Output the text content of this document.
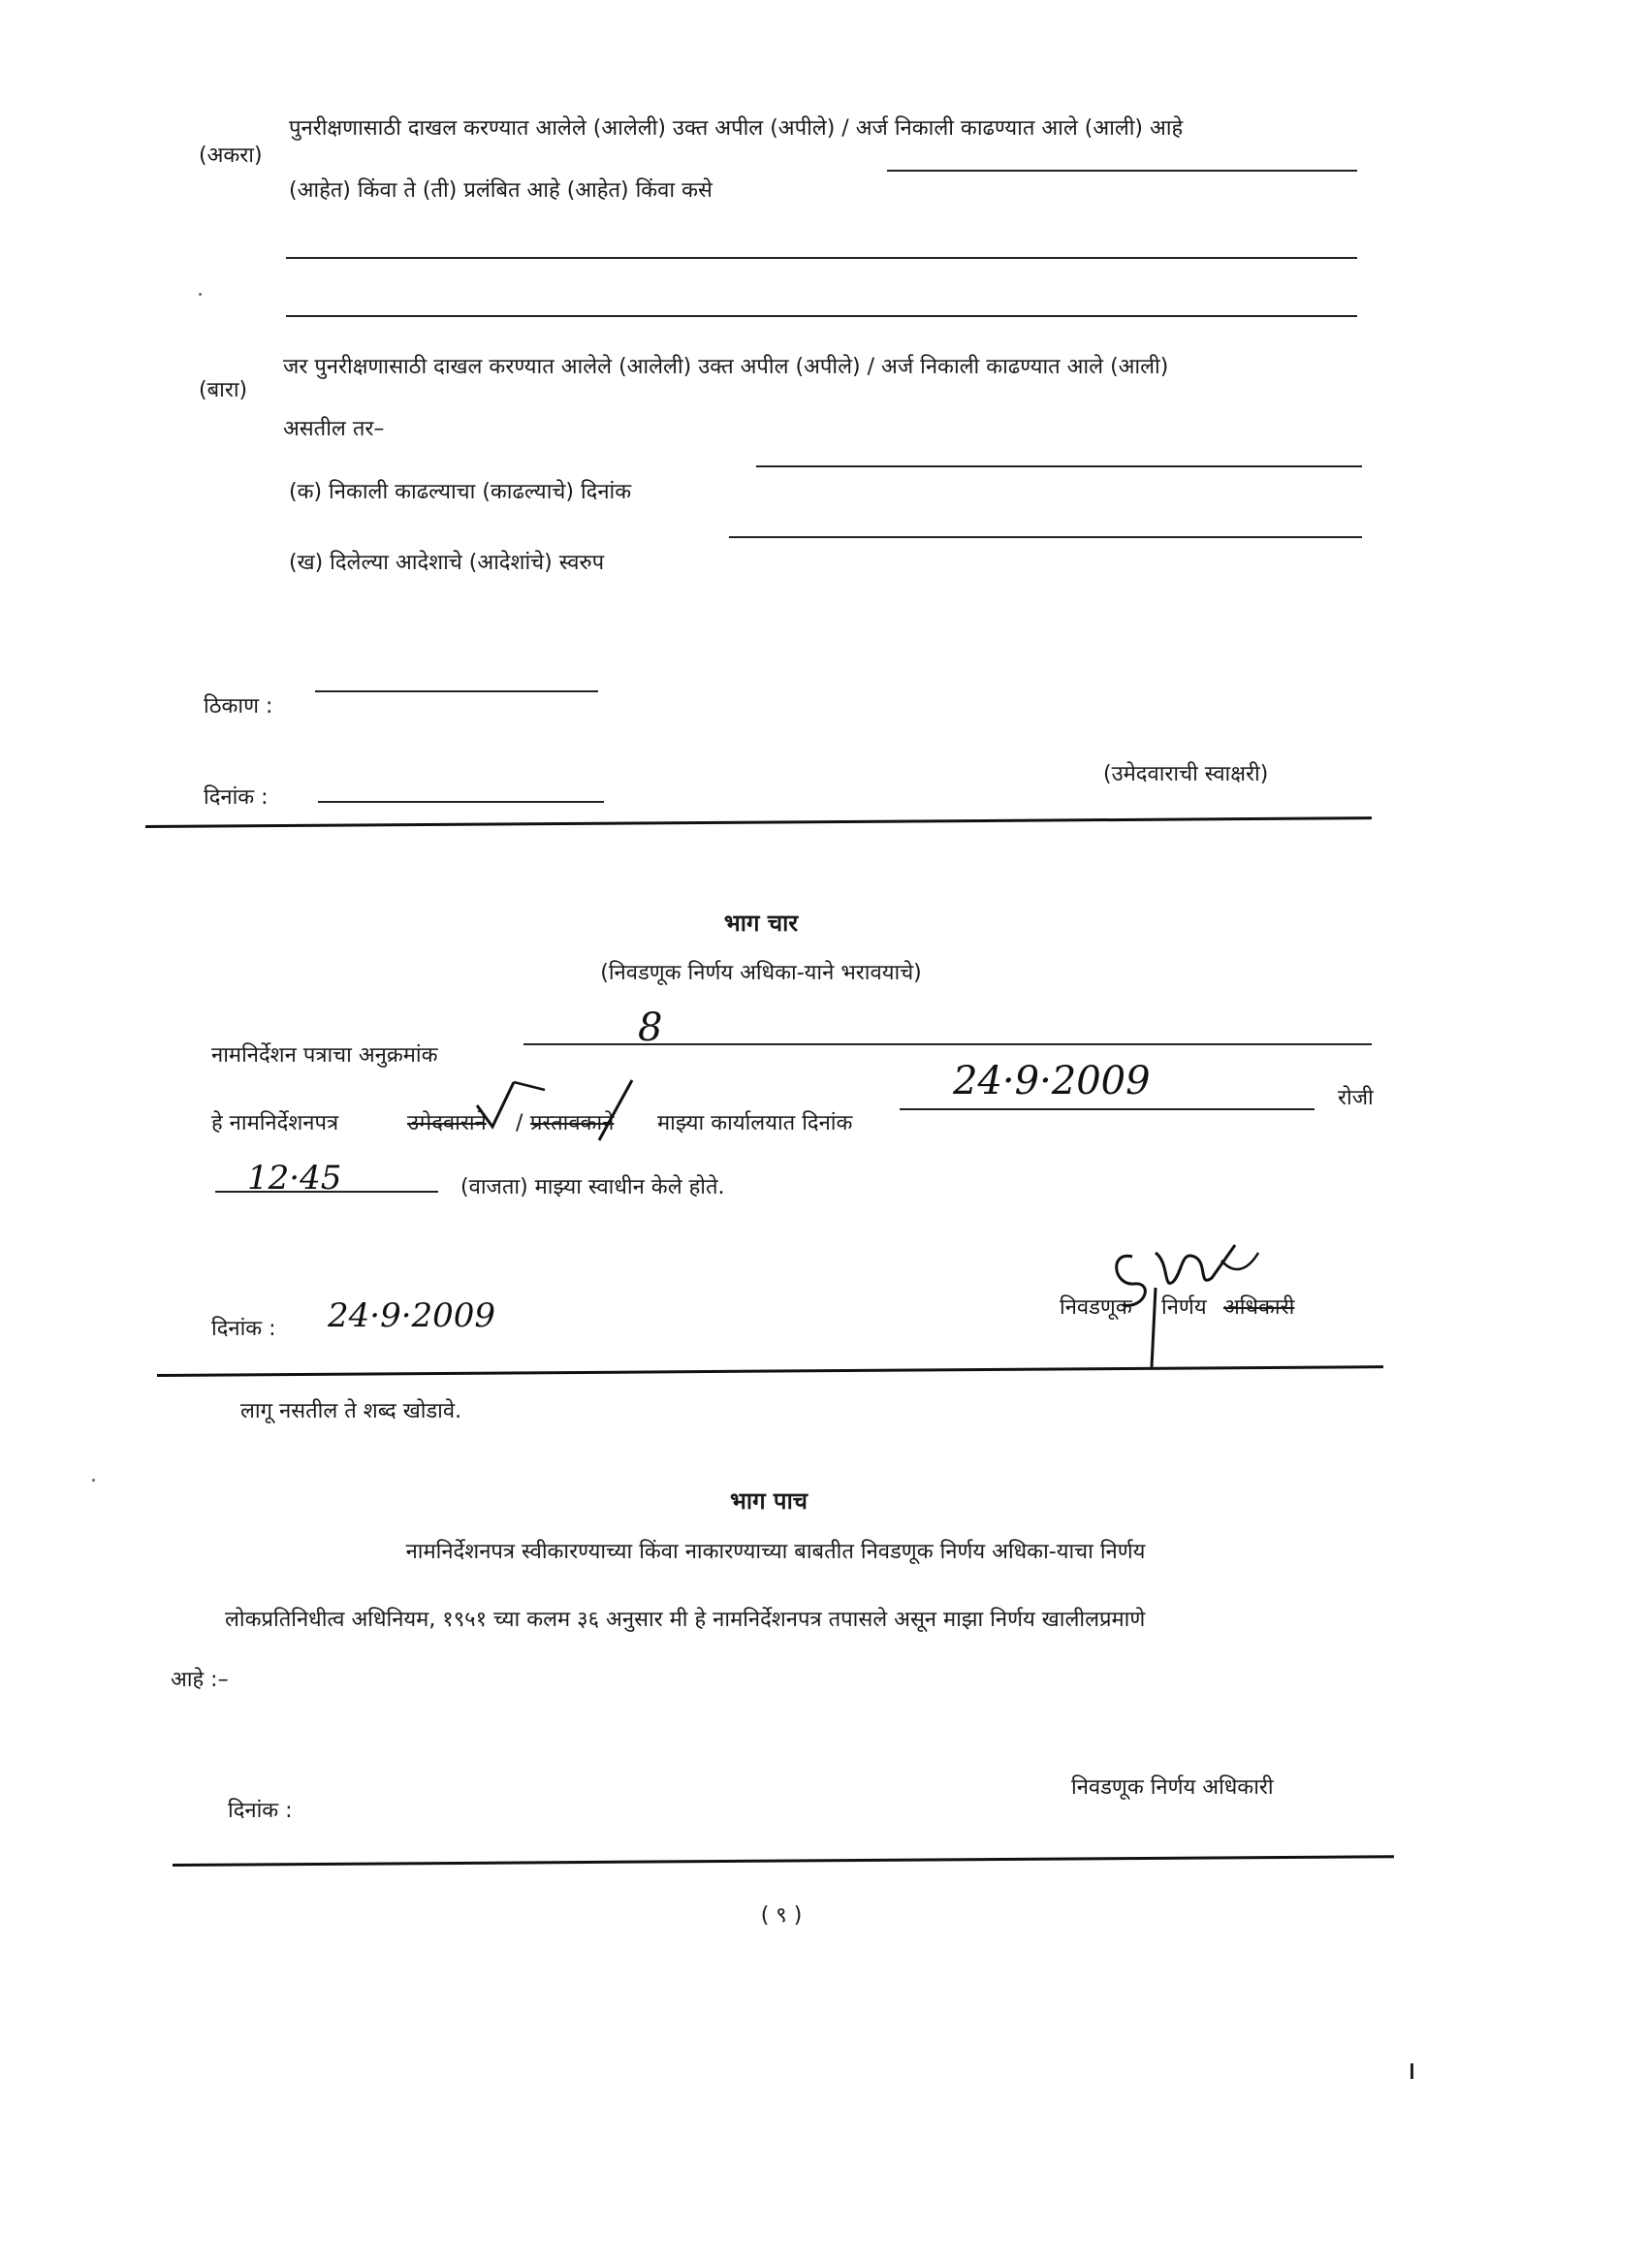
(अकरा)
पुनरीक्षणासाठी दाखल करण्यात आलेले (आलेली) उक्त अपील (अपीले) / अर्ज निकाली काढण्यात आले (आली) आहे
(आहेत) किंवा ते (ती) प्रलंबित आहे (आहेत) किंवा कसे
(बारा)
जर पुनरीक्षणासाठी दाखल करण्यात आलेले (आलेली) उक्त अपील (अपीले) / अर्ज निकाली काढण्यात आले (आली)
असतील तर–
(क) निकाली काढल्याचा (काढल्याचे) दिनांक
(ख) दिलेल्या आदेशाचे (आदेशांचे) स्वरुप
ठिकाण :
दिनांक :
(उमेदवाराची स्वाक्षरी)
भाग चार
(निवडणूक निर्णय अधिका-याने भरावयाचे)
नामनिर्देशन पत्राचा अनुक्रमांक
8
हे नामनिर्देशनपत्र	उमेदवाराने / प्रस्तावकाने माझ्या कार्यालयात दिनांक
24·9·2009	रोजी
12·45	(वाजता) माझ्या स्वाधीन केले होते.
दिनांक : 24·9·2009	निवडणूक निर्णय अधिकारी
लागू नसतील ते शब्द खोडावे.
भाग पाच
नामनिर्देशनपत्र स्वीकारण्याच्या किंवा नाकारण्याच्या बाबतीत निवडणूक निर्णय अधिका-याचा निर्णय
लोकप्रतिनिधीत्व अधिनियम, १९५१ च्या कलम ३६ अनुसार मी हे नामनिर्देशनपत्र तपासले असून माझा निर्णय खालीलप्रमाणे
आहे :–
दिनांक :
निवडणूक निर्णय अधिकारी
( ९ )
